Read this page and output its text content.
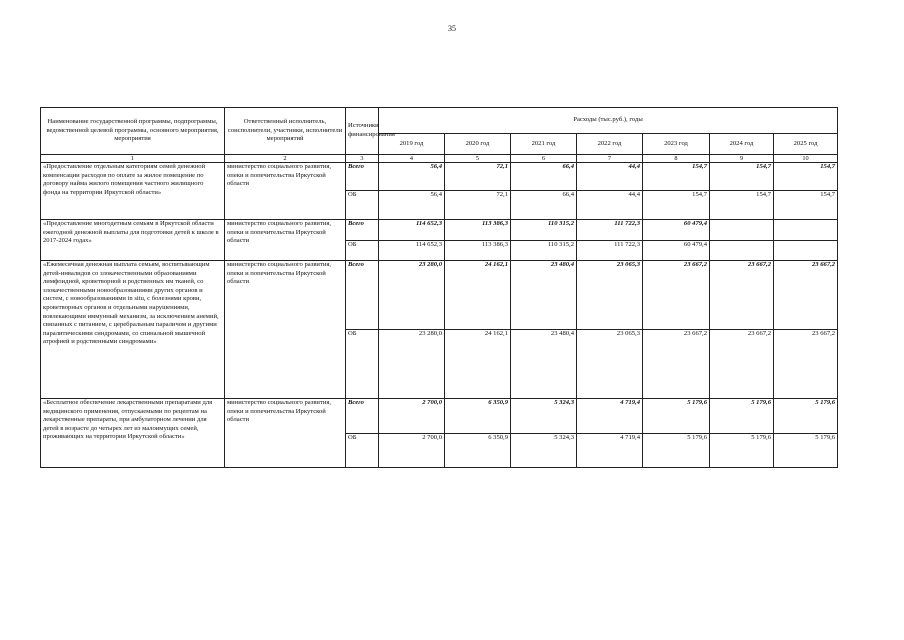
35
Наименование государственной программы, подпрограммы, ведомственной целевой программы, основного мероприятия, мероприятия	Ответственный исполнитель, соисполнители, участники, исполнители мероприятий	Источники финансирования	Расходы (тыс.руб.), годы						
			2019 год	2020 год	2021 год	2022 год	2023 год	2024 год	2025 год
1	2	3	4	5	6	7	8	9	10
«Предоставление отдельным категориям семей денежной компенсации расходов по оплате за жилое помещение по договору найма жилого помещения частного жилищного фонда на территории Иркутской области»	министерство социального развития, опеки и попечительства Иркутской области	Всего	56,4	72,1	66,4	44,4	154,7	154,7	154,7
		ОБ	56,4	72,1	66,4	44,4	154,7	154,7	154,7
«Предоставление многодетным семьям в Иркутской области ежегодной денежной выплаты для подготовки детей к школе в 2017-2024 годах»	министерство социального развития, опеки и попечительства Иркутской области	Всего	114 652,3	113 386,3	110 315,2	111 722,3	60 479,4		
		ОБ	114 652,3	113 386,3	110 315,2	111 722,3	60 479,4		
«Ежемесячная денежная выплата семьям, воспитывающим детей-инвалидов со злокачественными образованиями лимфоидной, кроветворной и родственных им тканей, со злокачественными новообразованиями других органов и систем, с новообразованиями in situ, с болезнями крови, кроветворных органов и отдельными нарушениями, вовлекающими иммунный механизм, за исключением анемий, связанных с питанием, с церебральным параличом и другими паралитическими синдромами, со спинальной мышечной атрофией и родственными синдромами»	министерство социального развития, опеки и попечительства Иркутской области	Всего	23 280,0	24 162,1	23 480,4	23 065,3	23 667,2	23 667,2	23 667,2
		ОБ	23 280,0	24 162,1	23 480,4	23 065,3	23 667,2	23 667,2	23 667,2
«Бесплатное обеспечение лекарственными препаратами для медицинского применения, отпускаемыми по рецептам на лекарственные препараты, при амбулаторном лечении для детей в возрасте до четырех лет из малоимущих семей, проживающих на территории Иркутской области»	министерство социального развития, опеки и попечительства Иркутской области	Всего	2 700,0	6 350,9	5 324,3	4 719,4	5 179,6	5 179,6	5 179,6
		ОБ	2 700,0	6 350,9	5 324,3	4 719,4	5 179,6	5 179,6	5 179,6
